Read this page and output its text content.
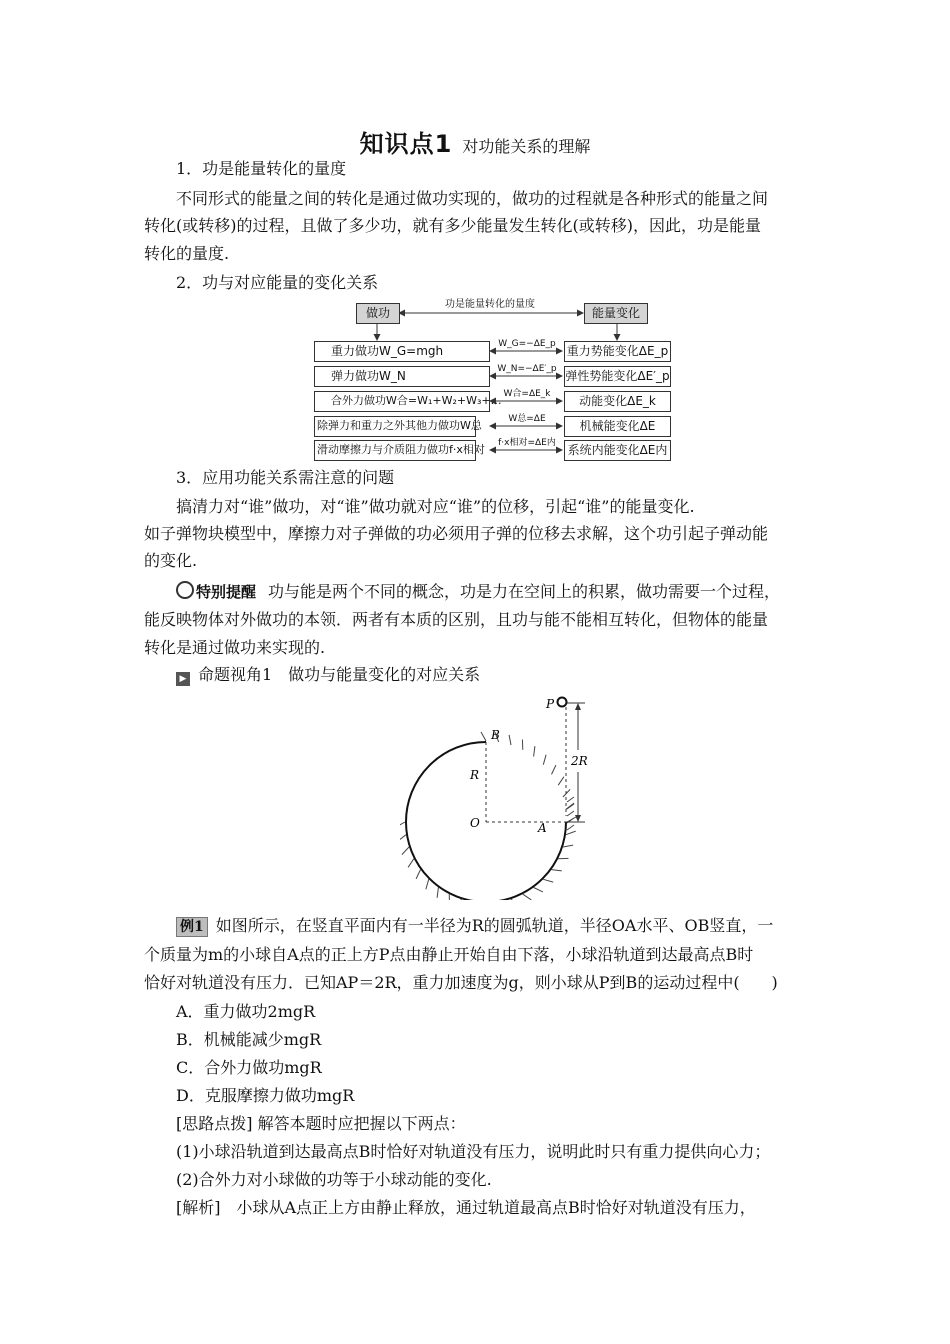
知识点1 对功能关系的理解
1．功是能量转化的量度
不同形式的能量之间的转化是通过做功实现的，做功的过程就是各种形式的能量之间
转化(或转移)的过程，且做了多少功，就有多少能量发生转化(或转移)，因此，功是能量
转化的量度.
2．功与对应能量的变化关系
做功
功是能量转化的量度
能量变化
重力做功W_G=mgh
弹力做功W_N
合外力做功W合=W₁+W₂+W₃+…
除弹力和重力之外其他力做功W总
滑动摩擦力与介质阻力做功f·x相对
W_G=−ΔE_p
W_N=−ΔE′_p
W合=ΔE_k
W总=ΔE
f·x相对=ΔE内
重力势能变化ΔE_p
弹性势能变化ΔE′_p
动能变化ΔE_k
机械能变化ΔE
系统内能变化ΔE内
3．应用功能关系需注意的问题
搞清力对“谁”做功，对“谁”做功就对应“谁”的位移，引起“谁”的能量变化.
如子弹物块模型中，摩擦力对子弹做的功必须用子弹的位移去求解，这个功引起子弹动能
的变化.
特别提醒 功与能是两个不同的概念，功是力在空间上的积累，做功需要一个过程，
能反映物体对外做功的本领．两者有本质的区别，且功与能不能相互转化，但物体的能量
转化是通过做功来实现的.
▶ 命题视角1　做功与能量变化的对应关系
P
B
R
2R
O	A
例1 如图所示，在竖直平面内有一半径为R的圆弧轨道，半径OA水平、OB竖直，一
个质量为m的小球自A点的正上方P点由静止开始自由下落，小球沿轨道到达最高点B时
恰好对轨道没有压力．已知AP＝2R，重力加速度为g，则小球从P到B的运动过程中(　　)
A．重力做功2mgR
B．机械能减少mgR
C．合外力做功mgR
D．克服摩擦力做功mgR
[思路点拨] 解答本题时应把握以下两点：
(1)小球沿轨道到达最高点B时恰好对轨道没有压力，说明此时只有重力提供向心力；
(2)合外力对小球做的功等于小球动能的变化.
[解析]　小球从A点正上方由静止释放，通过轨道最高点B时恰好对轨道没有压力，
